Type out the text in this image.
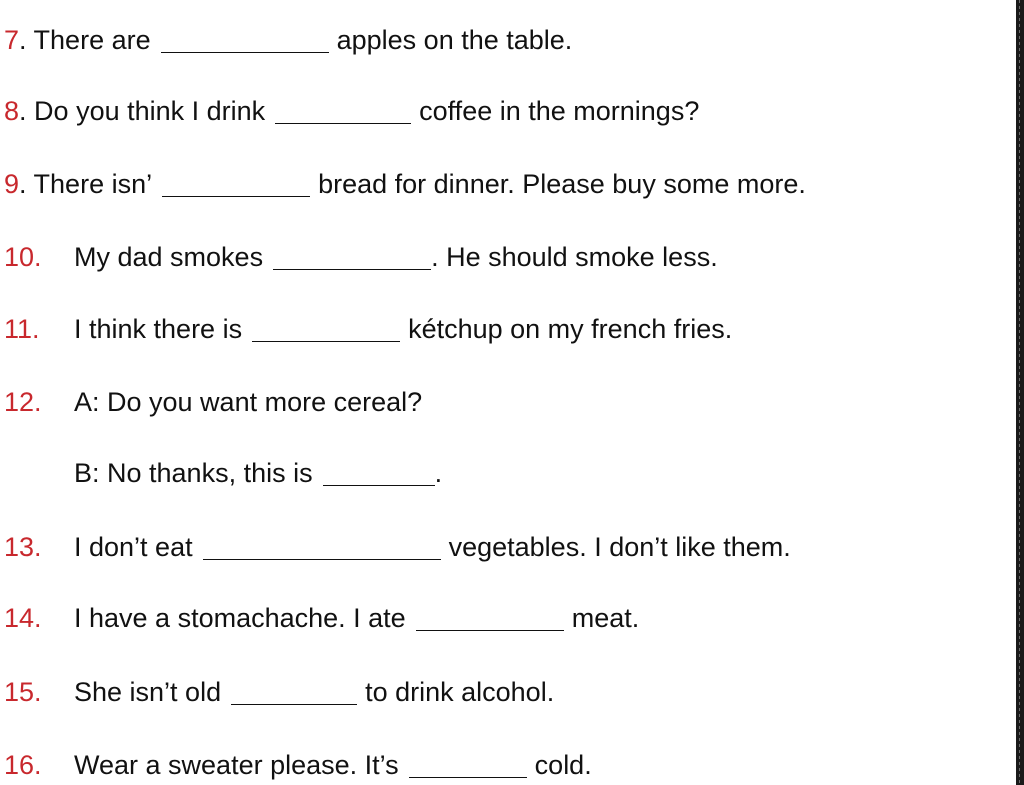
7. There are	apples on the table.
8. Do you think I drink	coffee in the mornings?
9. There isn’	bread for dinner. Please buy some more.
10. My dad smokes	. He should smoke less.
11. I think there is	kétchup on my french fries.
12. A: Do you want more cereal?
B: No thanks, this is	.
13. I don’t eat	vegetables. I don’t like them.
14. I have a stomachache. I ate	meat.
15. She isn’t old	to drink alcohol.
16. Wear a sweater please. It’s	cold.
